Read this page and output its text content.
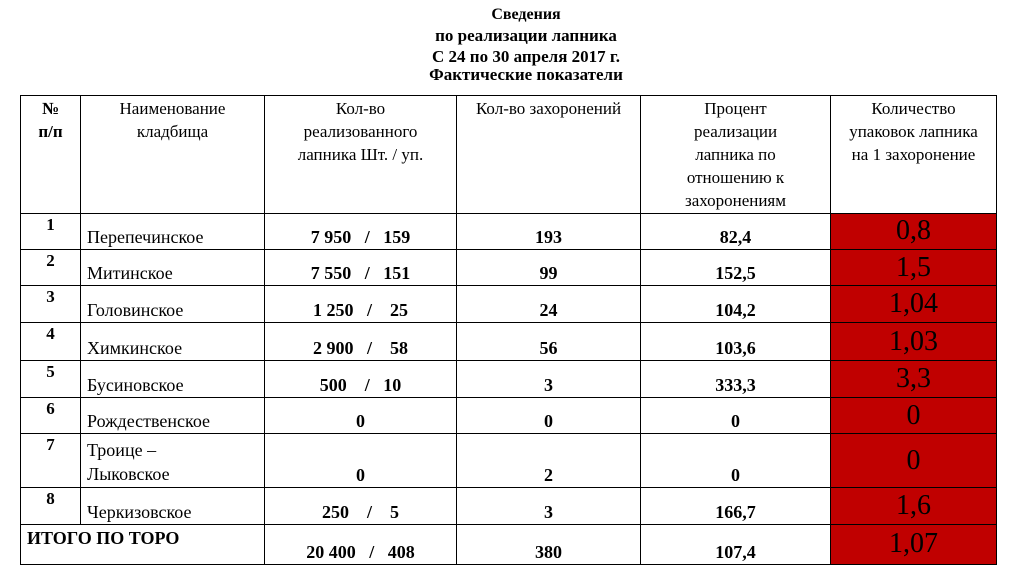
Сведения
по реализации лапника
С 24 по 30 апреля 2017 г.
Фактические показатели
№ п/п	Наименование кладбища	Кол-во реализованного лапника Шт. / уп.	Кол-во захоронений	Процент реализации лапника по отношению к захоронениям	Количество упаковок лапника на 1 захоронение
1	Перепечинское	7 950   /   159	193	82,4	0,8
2	Митинское	7 550   /   151	99	152,5	1,5
3	Головинское	1 250   /    25	24	104,2	1,04
4	Химкинское	2 900   /    58	56	103,6	1,03
5	Бусиновское	500    /   10	3	333,3	3,3
6	Рождественское	0	0	0	0
7	Троице – Лыковское	0	2	0	0
8	Черкизовское	250    /    5	3	166,7	1,6
ИТОГО ПО ТОРО		20 400   /   408	380	107,4	1,07
